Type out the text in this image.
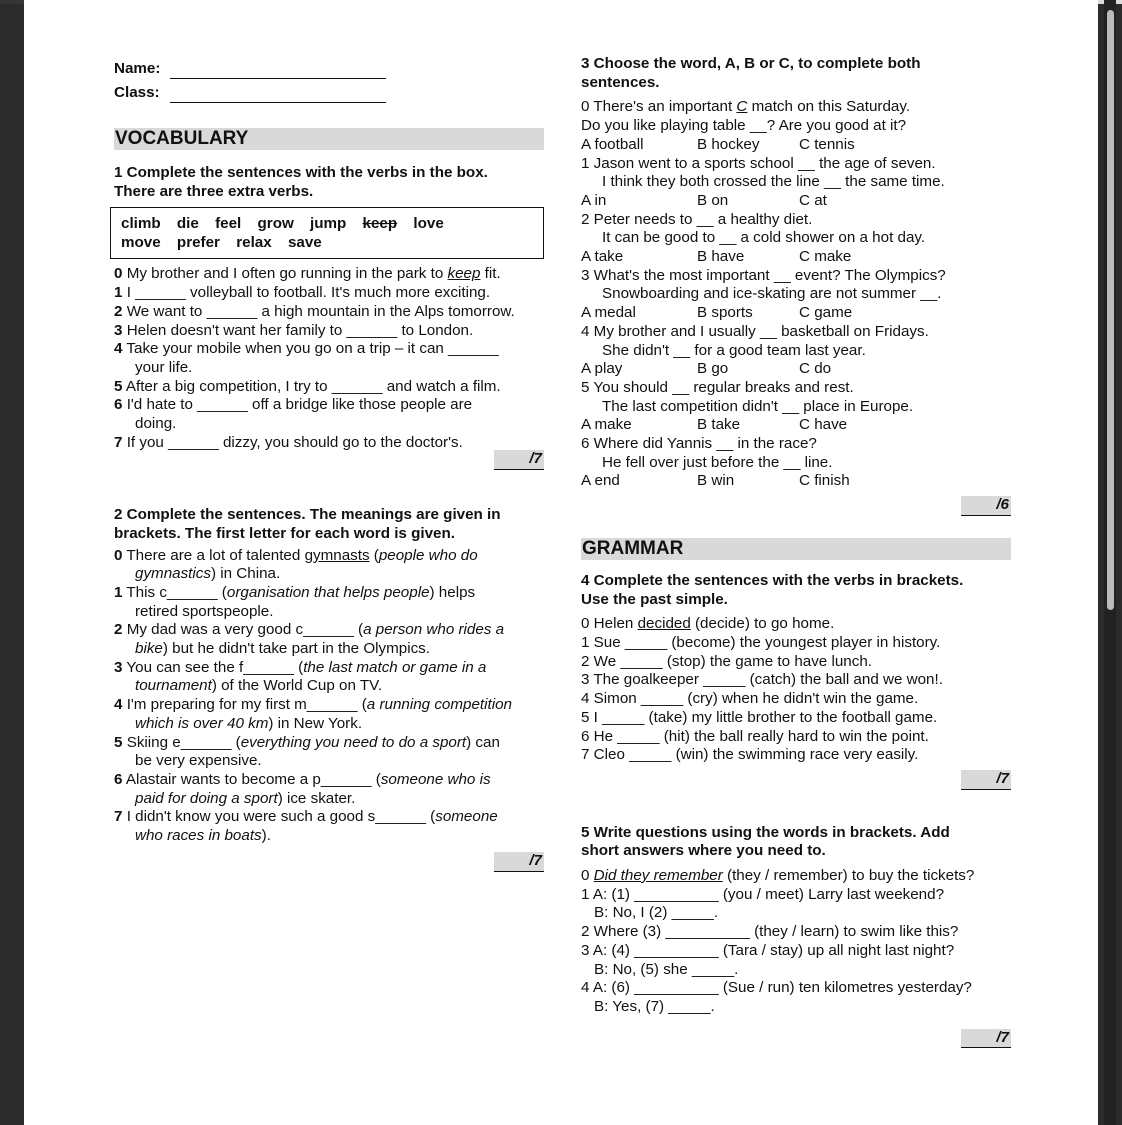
Name:
Class:
VOCABULARY
1 Complete the sentences with the verbs in the box.
There are three extra verbs.
climb die feel grow jump keep love
move prefer relax save
0 My brother and I often go running in the park to keep fit.
1 I ______ volleyball to football. It's much more exciting.
2 We want to ______ a high mountain in the Alps tomorrow.
3 Helen doesn't want her family to ______ to London.
4 Take your mobile when you go on a trip – it can ______
your life.
5 After a big competition, I try to ______ and watch a film.
6 I'd hate to ______ off a bridge like those people are
doing.
7 If you ______ dizzy, you should go to the doctor's.
/7
2 Complete the sentences. The meanings are given in
brackets. The first letter for each word is given.
0 There are a lot of talented gymnasts (people who do
gymnastics) in China.
1 This c______ (organisation that helps people) helps
retired sportspeople.
2 My dad was a very good c______ (a person who rides a
bike) but he didn't take part in the Olympics.
3 You can see the f______ (the last match or game in a
tournament) of the World Cup on TV.
4 I'm preparing for my first m______ (a running competition
which is over 40 km) in New York.
5 Skiing e______ (everything you need to do a sport) can
be very expensive.
6 Alastair wants to become a p______ (someone who is
paid for doing a sport) ice skater.
7 I didn't know you were such a good s______ (someone
who races in boats).
/7
3 Choose the word, A, B or C, to complete both
sentences.
0 There's an important C match on this Saturday.
Do you like playing table __? Are you good at it?
A football	B hockey	C tennis
1 Jason went to a sports school __ the age of seven.
I think they both crossed the line __ the same time.
A in	B on	C at
2 Peter needs to __ a healthy diet.
It can be good to __ a cold shower on a hot day.
A take	B have	C make
3 What's the most important __ event? The Olympics?
Snowboarding and ice-skating are not summer __.
A medal	B sports	C game
4 My brother and I usually __ basketball on Fridays.
She didn't __ for a good team last year.
A play	B go	C do
5 You should __ regular breaks and rest.
The last competition didn't __ place in Europe.
A make	B take	C have
6 Where did Yannis __ in the race?
He fell over just before the __ line.
A end	B win	C finish
/6
GRAMMAR
4 Complete the sentences with the verbs in brackets.
Use the past simple.
0 Helen decided (decide) to go home.
1 Sue _____ (become) the youngest player in history.
2 We _____ (stop) the game to have lunch.
3 The goalkeeper _____ (catch) the ball and we won!.
4 Simon _____ (cry) when he didn't win the game.
5 I _____ (take) my little brother to the football game.
6 He _____ (hit) the ball really hard to win the point.
7 Cleo _____ (win) the swimming race very easily.
/7
5 Write questions using the words in brackets. Add
short answers where you need to.
0 Did they remember (they / remember) to buy the tickets?
1 A: (1) __________ (you / meet) Larry last weekend?
B: No, I (2) _____.
2 Where (3) __________ (they / learn) to swim like this?
3 A: (4) __________ (Tara / stay) up all night last night?
B: No, (5) she _____.
4 A: (6) __________ (Sue / run) ten kilometres yesterday?
B: Yes, (7) _____.
/7
